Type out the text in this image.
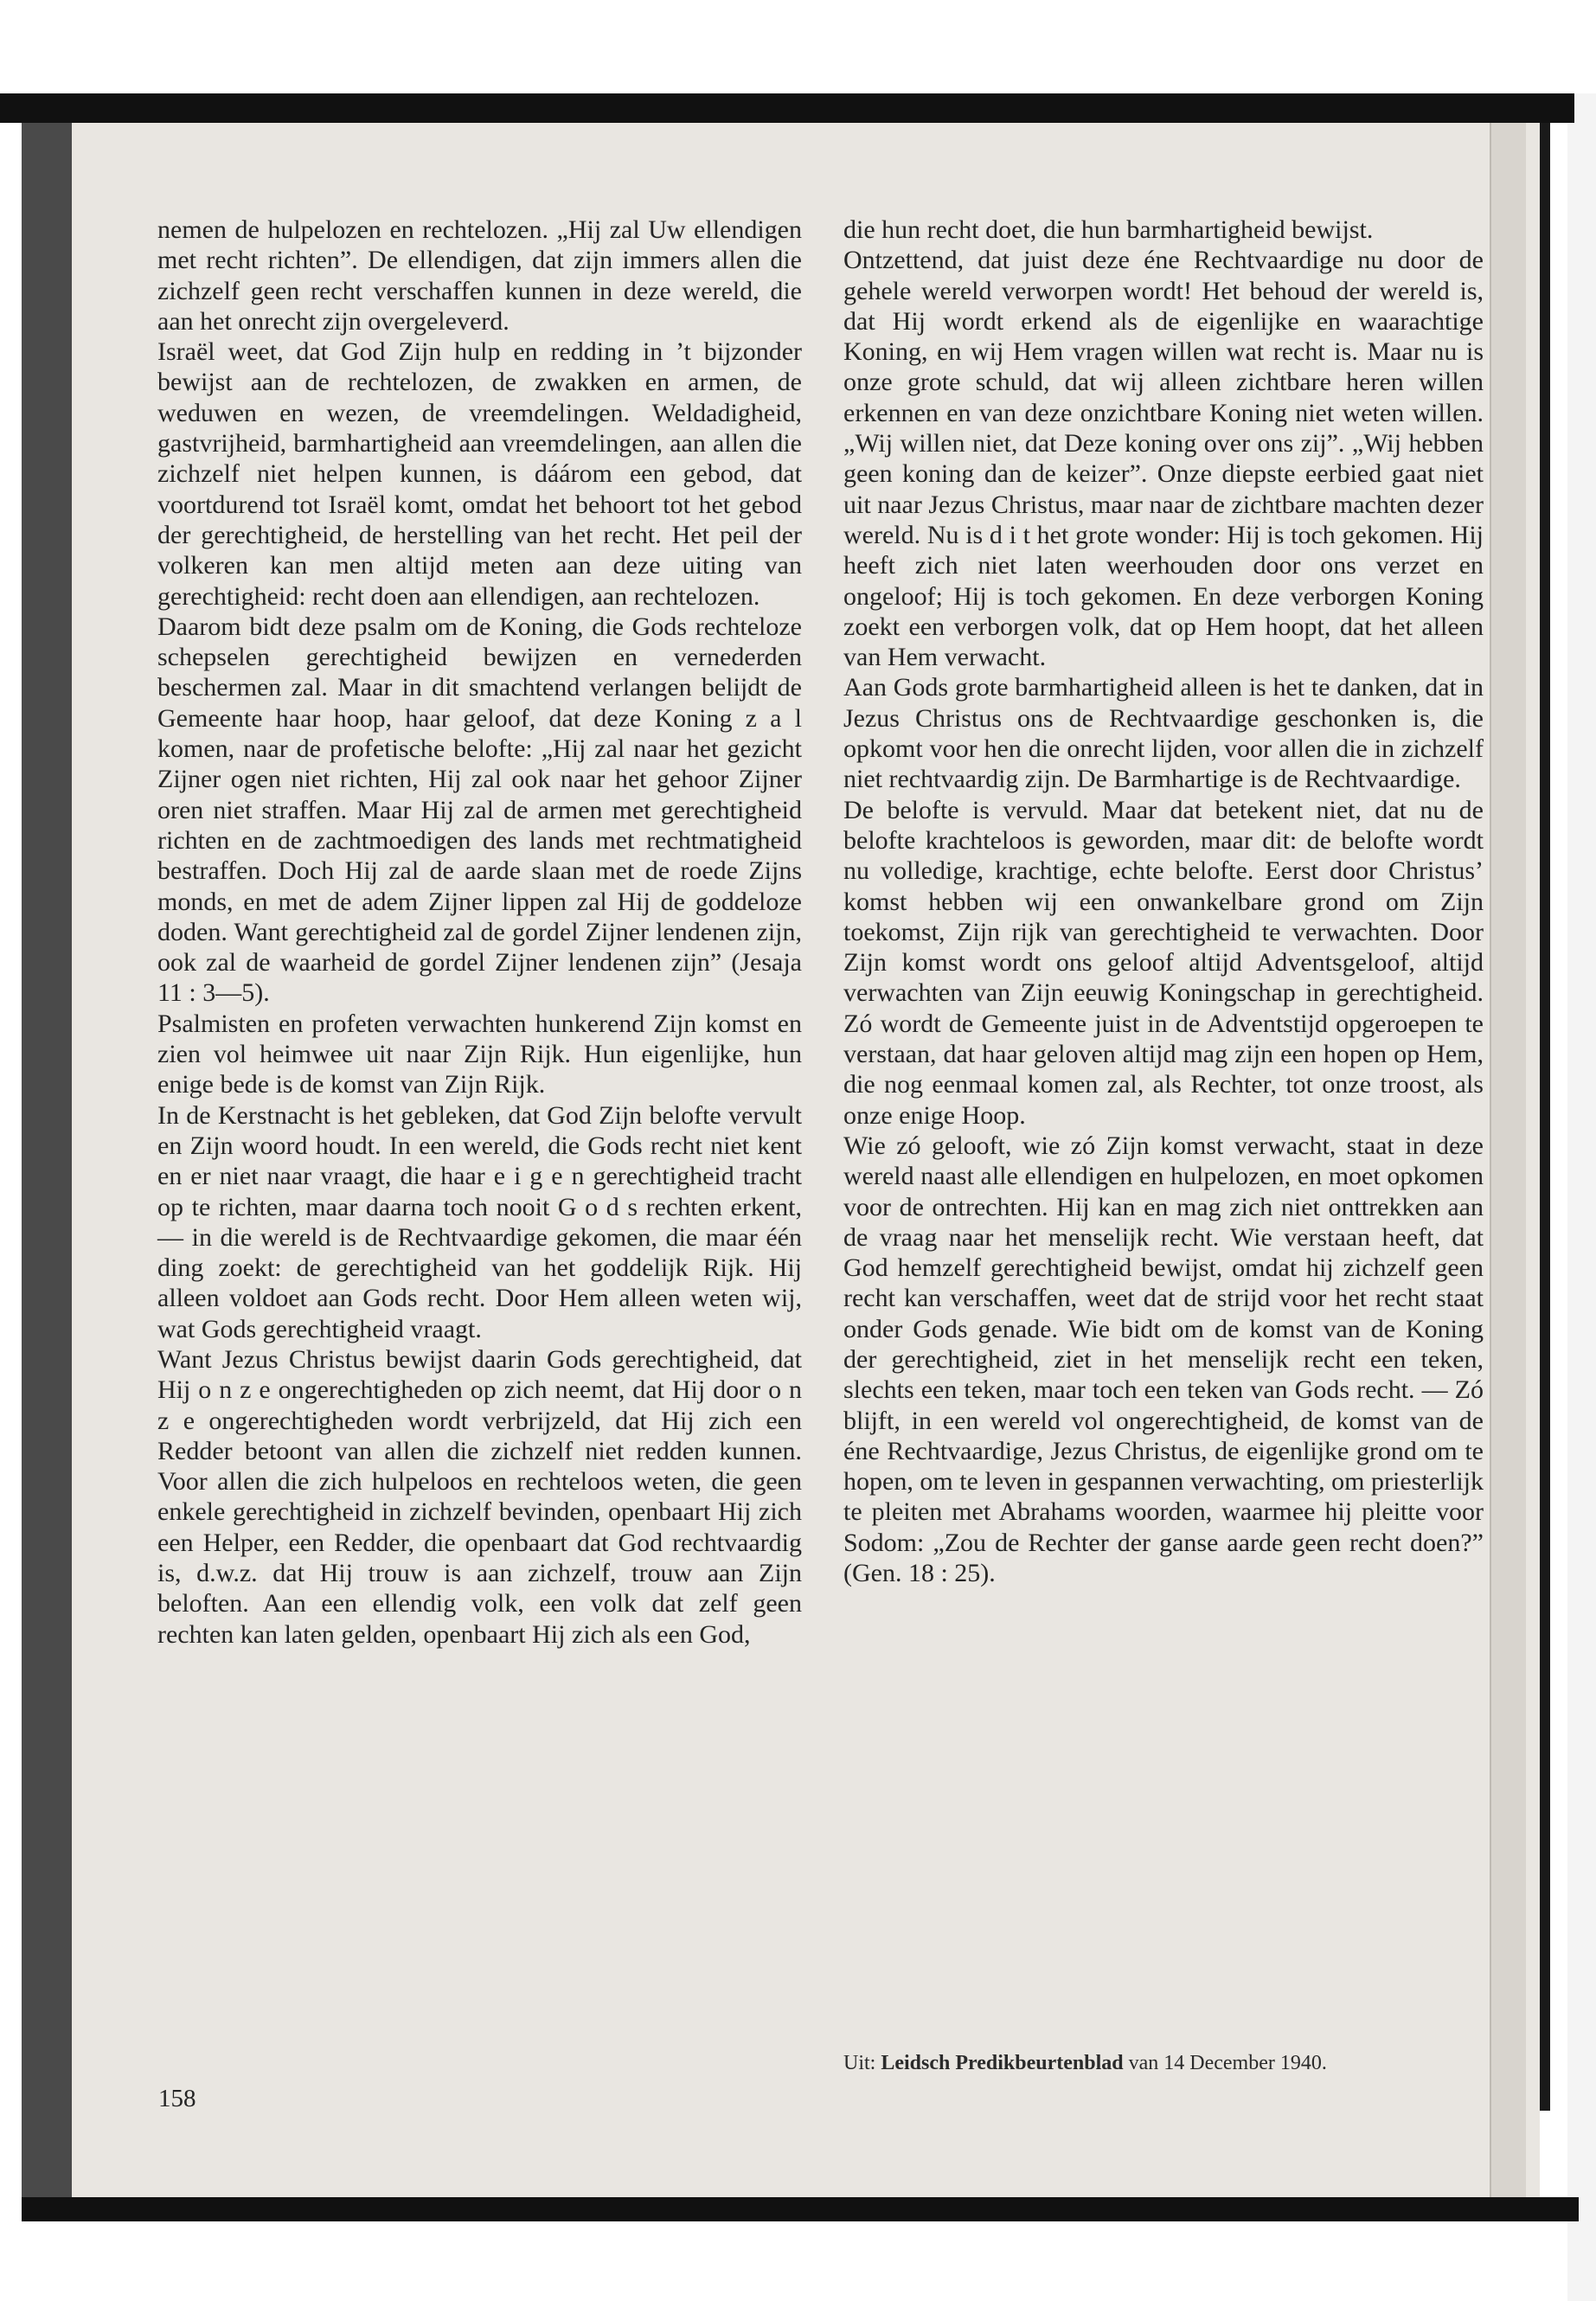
nemen de hulpelozen en rechtelozen. „Hij zal Uw ellendigen met recht richten”. De ellendigen, dat zijn immers allen die zichzelf geen recht verschaffen kunnen in deze wereld, die aan het onrecht zijn overgeleverd.

Israël weet, dat God Zijn hulp en redding in ’t bijzonder bewijst aan de rechtelozen, de zwakken en armen, de weduwen en wezen, de vreemdelingen. Weldadigheid, gastvrijheid, barmhartigheid aan vreemdelingen, aan allen die zichzelf niet helpen kunnen, is dáárom een gebod, dat voortdurend tot Israël komt, omdat het behoort tot het gebod der gerechtigheid, de herstelling van het recht. Het peil der volkeren kan men altijd meten aan deze uiting van gerechtigheid: recht doen aan ellendigen, aan rechtelozen.

Daarom bidt deze psalm om de Koning, die Gods rechteloze schepselen gerechtigheid bewijzen en vernederden beschermen zal. Maar in dit smachtend verlangen belijdt de Gemeente haar hoop, haar geloof, dat deze Koning z a l komen, naar de profetische belofte: „Hij zal naar het gezicht Zijner ogen niet richten, Hij zal ook naar het gehoor Zijner oren niet straffen. Maar Hij zal de armen met gerechtigheid richten en de zachtmoedigen des lands met rechtmatigheid bestraffen. Doch Hij zal de aarde slaan met de roede Zijns monds, en met de adem Zijner lippen zal Hij de goddeloze doden. Want gerechtigheid zal de gordel Zijner lendenen zijn, ook zal de waarheid de gordel Zijner lendenen zijn” (Jesaja 11 : 3—5).

Psalmisten en profeten verwachten hunkerend Zijn komst en zien vol heimwee uit naar Zijn Rijk. Hun eigenlijke, hun enige bede is de komst van Zijn Rijk.

In de Kerstnacht is het gebleken, dat God Zijn belofte vervult en Zijn woord houdt. In een wereld, die Gods recht niet kent en er niet naar vraagt, die haar e i g e n gerechtigheid tracht op te richten, maar daarna toch nooit G o d s rechten erkent, — in die wereld is de Rechtvaardige gekomen, die maar één ding zoekt: de gerechtigheid van het goddelijk Rijk. Hij alleen voldoet aan Gods recht. Door Hem alleen weten wij, wat Gods gerechtigheid vraagt.

Want Jezus Christus bewijst daarin Gods gerechtigheid, dat Hij o n z e ongerechtigheden op zich neemt, dat Hij door o n z e ongerechtigheden wordt verbrijzeld, dat Hij zich een Redder betoont van allen die zichzelf niet redden kunnen. Voor allen die zich hulpeloos en rechteloos weten, die geen enkele gerechtigheid in zichzelf bevinden, openbaart Hij zich een Helper, een Redder, die openbaart dat God rechtvaardig is, d.w.z. dat Hij trouw is aan zichzelf, trouw aan Zijn beloften. Aan een ellendig volk, een volk dat zelf geen rechten kan laten gelden, openbaart Hij zich als een God,

die hun recht doet, die hun barmhartigheid bewijst.

Ontzettend, dat juist deze éne Rechtvaardige nu door de gehele wereld verworpen wordt! Het behoud der wereld is, dat Hij wordt erkend als de eigenlijke en waarachtige Koning, en wij Hem vragen willen wat recht is. Maar nu is onze grote schuld, dat wij alleen zichtbare heren willen erkennen en van deze onzichtbare Koning niet weten willen. „Wij willen niet, dat Deze koning over ons zij”. „Wij hebben geen koning dan de keizer”. Onze diepste eerbied gaat niet uit naar Jezus Christus, maar naar de zichtbare machten dezer wereld. Nu is d i t het grote wonder: Hij is toch gekomen. Hij heeft zich niet laten weerhouden door ons verzet en ongeloof; Hij is toch gekomen. En deze verborgen Koning zoekt een verborgen volk, dat op Hem hoopt, dat het alleen van Hem verwacht.

Aan Gods grote barmhartigheid alleen is het te danken, dat in Jezus Christus ons de Rechtvaardige geschonken is, die opkomt voor hen die onrecht lijden, voor allen die in zichzelf niet rechtvaardig zijn. De Barmhartige is de Rechtvaardige.

De belofte is vervuld. Maar dat betekent niet, dat nu de belofte krachteloos is geworden, maar dit: de belofte wordt nu volledige, krachtige, echte belofte. Eerst door Christus’ komst hebben wij een onwankelbare grond om Zijn toekomst, Zijn rijk van gerechtigheid te verwachten. Door Zijn komst wordt ons geloof altijd Adventsgeloof, altijd verwachten van Zijn eeuwig Koningschap in gerechtigheid. Zó wordt de Gemeente juist in de Adventstijd opgeroepen te verstaan, dat haar geloven altijd mag zijn een hopen op Hem, die nog eenmaal komen zal, als Rechter, tot onze troost, als onze enige Hoop.

Wie zó gelooft, wie zó Zijn komst verwacht, staat in deze wereld naast alle ellendigen en hulpelozen, en moet opkomen voor de ontrechten. Hij kan en mag zich niet onttrekken aan de vraag naar het menselijk recht. Wie verstaan heeft, dat God hemzelf gerechtigheid bewijst, omdat hij zichzelf geen recht kan verschaffen, weet dat de strijd voor het recht staat onder Gods genade. Wie bidt om de komst van de Koning der gerechtigheid, ziet in het menselijk recht een teken, slechts een teken, maar toch een teken van Gods recht. — Zó blijft, in een wereld vol ongerechtigheid, de komst van de éne Rechtvaardige, Jezus Christus, de eigenlijke grond om te hopen, om te leven in gespannen verwachting, om priesterlijk te pleiten met Abrahams woorden, waarmee hij pleitte voor Sodom: „Zou de Rechter der ganse aarde geen recht doen?” (Gen. 18 : 25).

Uit: Leidsch Predikbeurtenblad van 14 December 1940.
158
